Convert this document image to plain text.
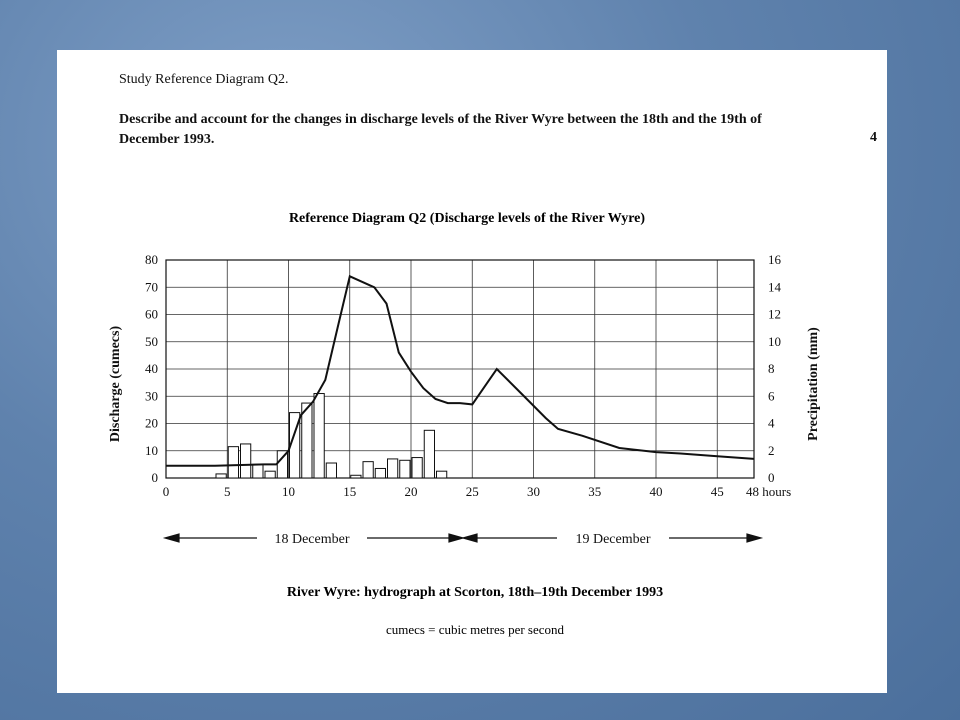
Study Reference Diagram Q2.
Describe and account for the changes in discharge levels of the River Wyre between the 18th and the 19th of December 1993.	4
Reference Diagram Q2 (Discharge levels of the River Wyre)
0
10
20
30
40
50
60
70
80
0
2
4
6
8
10
12
14
16
0	5	10	15	20	25	30	35	40	45 48 hours
Discharge (cumecs)	Precipitation (mm)
18 December	19 December
River Wyre: hydrograph at Scorton, 18th–19th December 1993
cumecs = cubic metres per second
